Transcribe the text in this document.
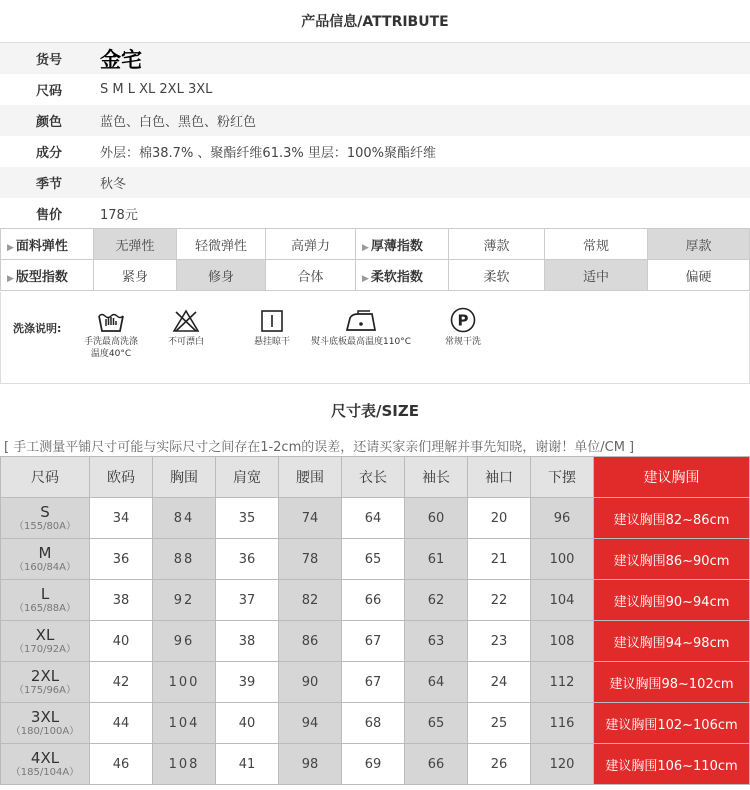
产品信息/ATTRIBUTE
货号	金宅
尺码	S M L XL 2XL 3XL
颜色	蓝色、白色、黑色、粉红色
成分	外层：棉38.7% 、聚酯纤维61.3% 里层：100%聚酯纤维
季节	秋冬
售价	178元
▶ 面料弹性	无弹性	轻微弹性	高弹力	▶ 厚薄指数	薄款	常规	厚款
▶ 版型指数	紧身	修身	合体	▶ 柔软指数	柔软	适中	偏硬
洗涤说明:
手洗最高洗涤
温度40°C
不可漂白	悬挂晾干	熨斗底板最高温度110°C
P
常规干洗
尺寸表/SIZE
[ 手工测量平铺尺寸可能与实际尺寸之间存在1-2cm的误差，还请买家亲们理解并事先知晓，谢谢！单位/CM ]
尺码	欧码	胸围	肩宽	腰围	衣长	袖长	袖口	下摆	建议胸围

S
（155/80A）	34	84	35	74	64	60	20	96	建议胸围82~86cm

M
（160/84A）	36	88	36	78	65	61	21	100	建议胸围86~90cm

L
（165/88A）	38	92	37	82	66	62	22	104	建议胸围90~94cm

XL
（170/92A）	40	96	38	86	67	63	23	108	建议胸围94~98cm

2XL
（175/96A）	42	100	39	90	67	64	24	112	建议胸围98~102cm

3XL
（180/100A）	44	104	40	94	68	65	25	116	建议胸围102~106cm

4XL
（185/104A）	46	108	41	98	69	66	26	120	建议胸围106~110cm
